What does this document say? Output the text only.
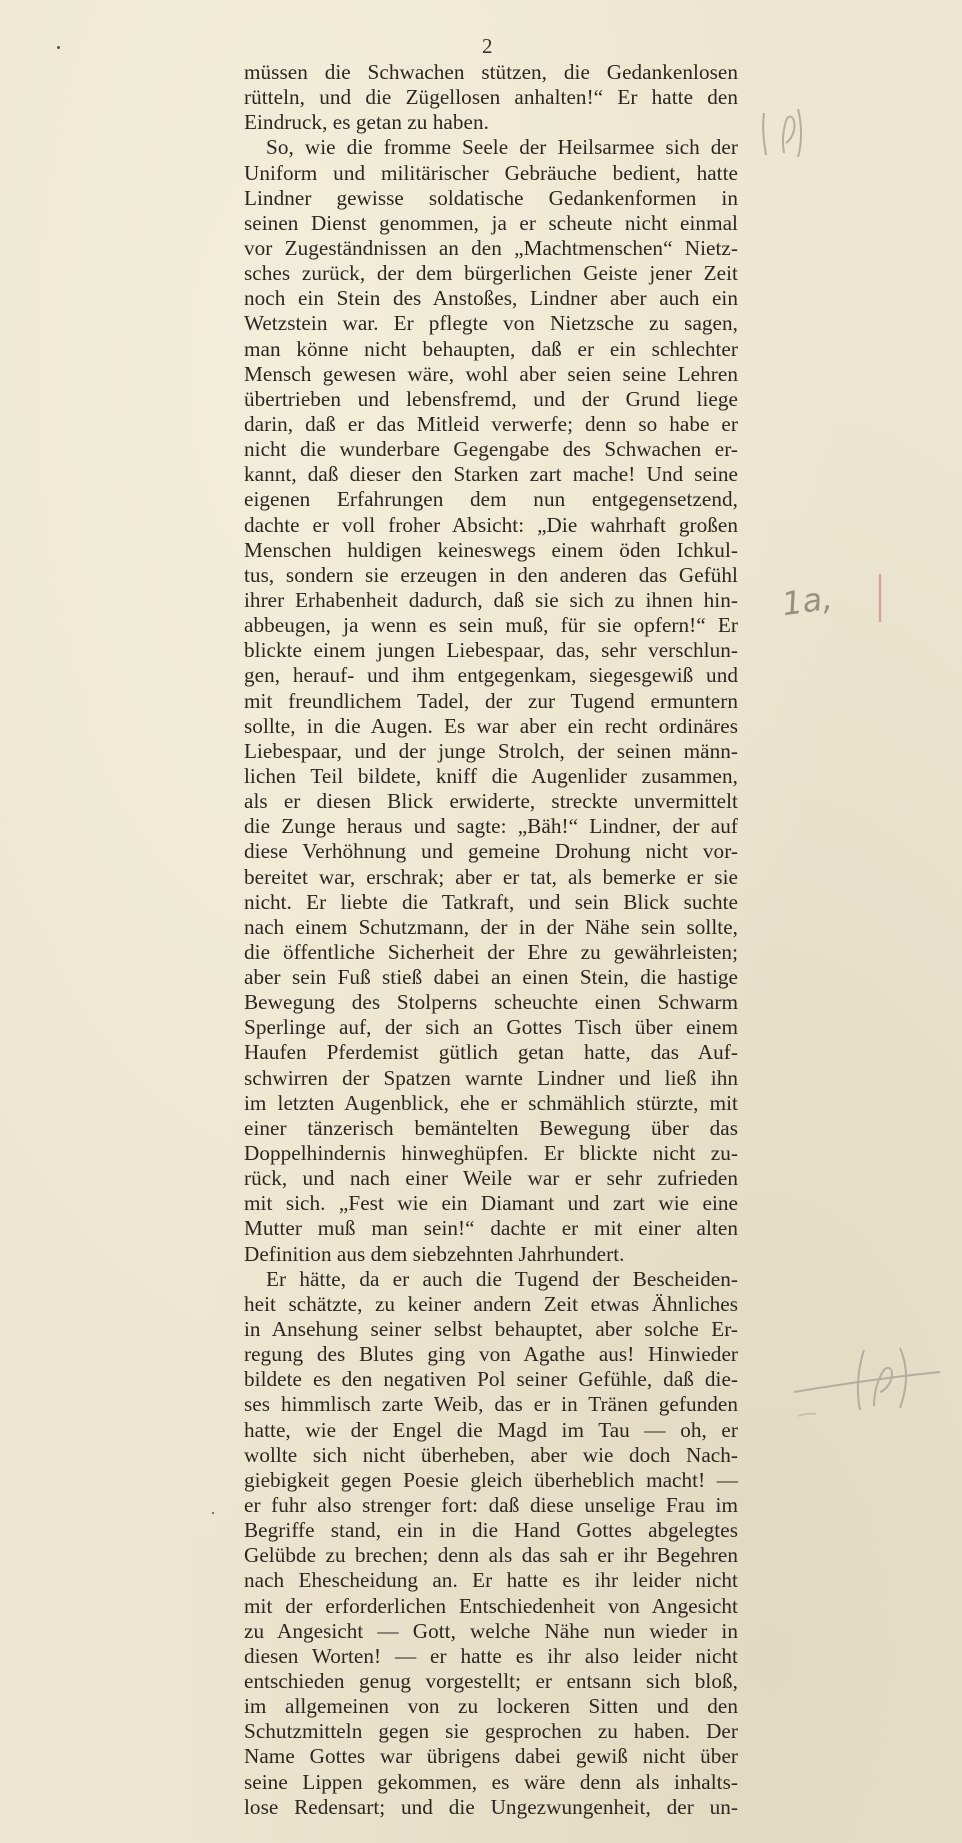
2
müssen die Schwachen stützen, die Gedankenlosen
rütteln, und die Zügellosen anhalten!“ Er hatte den
Eindruck, es getan zu haben.
So, wie die fromme Seele der Heilsarmee sich der
Uniform und militärischer Gebräuche bedient, hatte
Lindner gewisse soldatische Gedankenformen in
seinen Dienst genommen, ja er scheute nicht einmal
vor Zugeständnissen an den „Machtmenschen“ Nietz-
sches zurück, der dem bürgerlichen Geiste jener Zeit
noch ein Stein des Anstoßes, Lindner aber auch ein
Wetzstein war. Er pflegte von Nietzsche zu sagen,
man könne nicht behaupten, daß er ein schlechter
Mensch gewesen wäre, wohl aber seien seine Lehren
übertrieben und lebensfremd, und der Grund liege
darin, daß er das Mitleid verwerfe; denn so habe er
nicht die wunderbare Gegengabe des Schwachen er-
kannt, daß dieser den Starken zart mache! Und seine
eigenen Erfahrungen dem nun entgegensetzend,
dachte er voll froher Absicht: „Die wahrhaft großen
Menschen huldigen keineswegs einem öden Ichkul-
tus, sondern sie erzeugen in den anderen das Gefühl
ihrer Erhabenheit dadurch, daß sie sich zu ihnen hin-
abbeugen, ja wenn es sein muß, für sie opfern!“ Er
blickte einem jungen Liebespaar, das, sehr verschlun-
gen, herauf- und ihm entgegenkam, siegesgewiß und
mit freundlichem Tadel, der zur Tugend ermuntern
sollte, in die Augen. Es war aber ein recht ordinäres
Liebespaar, und der junge Strolch, der seinen männ-
lichen Teil bildete, kniff die Augenlider zusammen,
als er diesen Blick erwiderte, streckte unvermittelt
die Zunge heraus und sagte: „Bäh!“ Lindner, der auf
diese Verhöhnung und gemeine Drohung nicht vor-
bereitet war, erschrak; aber er tat, als bemerke er sie
nicht. Er liebte die Tatkraft, und sein Blick suchte
nach einem Schutzmann, der in der Nähe sein sollte,
die öffentliche Sicherheit der Ehre zu gewährleisten;
aber sein Fuß stieß dabei an einen Stein, die hastige
Bewegung des Stolperns scheuchte einen Schwarm
Sperlinge auf, der sich an Gottes Tisch über einem
Haufen Pferdemist gütlich getan hatte, das Auf-
schwirren der Spatzen warnte Lindner und ließ ihn
im letzten Augenblick, ehe er schmählich stürzte, mit
einer tänzerisch bemäntelten Bewegung über das
Doppelhindernis hinweghüpfen. Er blickte nicht zu-
rück, und nach einer Weile war er sehr zufrieden
mit sich. „Fest wie ein Diamant und zart wie eine
Mutter muß man sein!“ dachte er mit einer alten
Definition aus dem siebzehnten Jahrhundert.
Er hätte, da er auch die Tugend der Bescheiden-
heit schätzte, zu keiner andern Zeit etwas Ähnliches
in Ansehung seiner selbst behauptet, aber solche Er-
regung des Blutes ging von Agathe aus! Hinwieder
bildete es den negativen Pol seiner Gefühle, daß die-
ses himmlisch zarte Weib, das er in Tränen gefunden
hatte, wie der Engel die Magd im Tau — oh, er
wollte sich nicht überheben, aber wie doch Nach-
giebigkeit gegen Poesie gleich überheblich macht! —
er fuhr also strenger fort: daß diese unselige Frau im
Begriffe stand, ein in die Hand Gottes abgelegtes
Gelübde zu brechen; denn als das sah er ihr Begehren
nach Ehescheidung an. Er hatte es ihr leider nicht
mit der erforderlichen Entschiedenheit von Angesicht
zu Angesicht — Gott, welche Nähe nun wieder in
diesen Worten! — er hatte es ihr also leider nicht
entschieden genug vorgestellt; er entsann sich bloß,
im allgemeinen von zu lockeren Sitten und den
Schutzmitteln gegen sie gesprochen zu haben. Der
Name Gottes war übrigens dabei gewiß nicht über
seine Lippen gekommen, es wäre denn als inhalts-
lose Redensart; und die Ungezwungenheit, der un-
1a,
